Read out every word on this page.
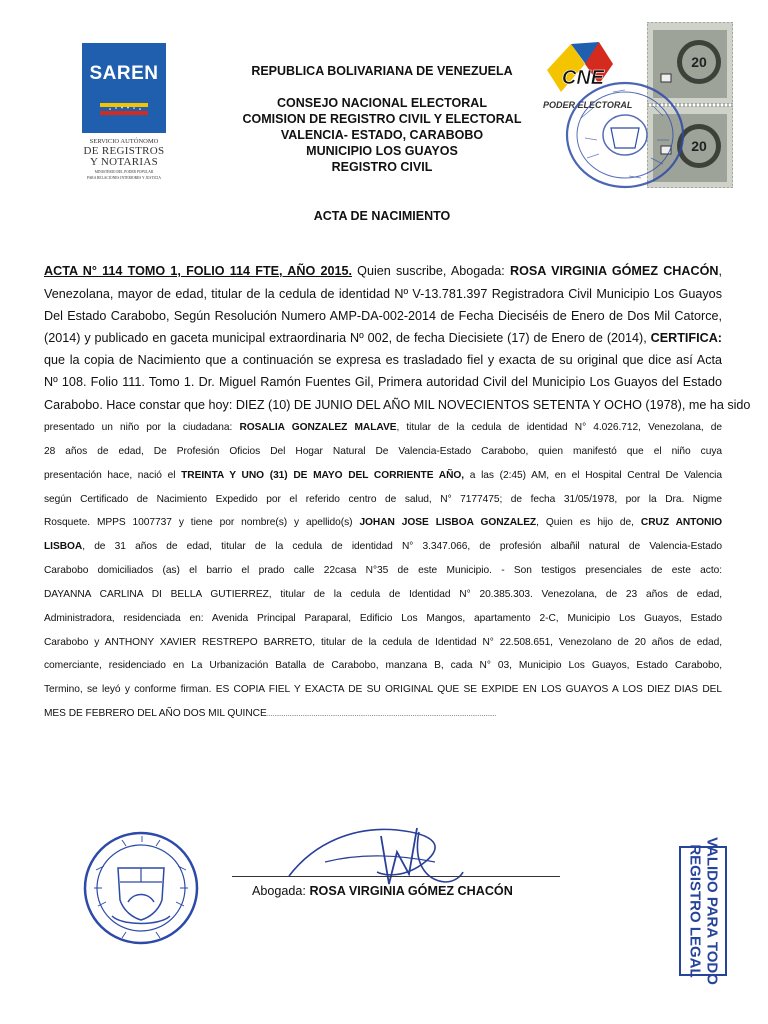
SAREN
SERVICIO AUTÓNOMO
DE REGISTROS
Y NOTARIAS
MINISTERIO DEL PODER POPULAR
PARA RELACIONES INTERIORES Y JUSTICIA
REPUBLICA BOLIVARIANA DE VENEZUELA
CONSEJO NACIONAL ELECTORAL
COMISION DE REGISTRO CIVIL Y ELECTORAL
VALENCIA- ESTADO, CARABOBO
MUNICIPIO LOS GUAYOS
REGISTRO CIVIL
ACTA DE NACIMIENTO
20
20
CNE
PODER ELECTORAL
ACTA N° 114 TOMO 1, FOLIO 114 FTE, AÑO 2015. Quien suscribe, Abogada: ROSA VIRGINIA GÓMEZ CHACÓN,
Venezolana, mayor de edad, titular de la cedula de identidad Nº V-13.781.397 Registradora Civil Municipio Los Guayos
Del Estado Carabobo, Según Resolución Numero AMP-DA-002-2014 de Fecha Dieciséis de Enero de Dos Mil Catorce,
(2014) y publicado en gaceta municipal extraordinaria Nº 002, de fecha Diecisiete (17) de Enero de (2014), CERTIFICA:
que la copia de Nacimiento que a continuación se expresa es trasladado fiel y exacta de su original que dice así Acta
Nº 108. Folio 111. Tomo 1. Dr. Miguel Ramón Fuentes Gil, Primera autoridad Civil del Municipio Los Guayos del Estado
Carabobo. Hace constar que hoy: DIEZ (10) DE JUNIO DEL AÑO MIL NOVECIENTOS SETENTA Y OCHO (1978), me ha sido
presentado un niño por la ciudadana: ROSALIA GONZALEZ MALAVE, titular de la cedula de identidad N° 4.026.712, Venezolana, de
28 años de edad, De Profesión Oficios Del Hogar Natural De Valencia-Estado Carabobo, quien manifestó que el niño cuya
presentación hace, nació el TREINTA Y UNO (31) DE MAYO DEL CORRIENTE AÑO, a las (2:45) AM, en el Hospital Central De Valencia
según Certificado de Nacimiento Expedido por el referido centro de salud, N° 7177475; de fecha 31/05/1978, por la Dra. Nigme
Rosquete. MPPS 1007737 y tiene por nombre(s) y apellido(s) JOHAN JOSE LISBOA GONZALEZ, Quien es hijo de, CRUZ ANTONIO
LISBOA, de 31 años de edad, titular de la cedula de identidad N° 3.347.066, de profesión albañil natural de Valencia-Estado
Carabobo domiciliados (as) el barrio el prado calle 22casa N°35 de este Municipio. - Son testigos presenciales de este acto:
DAYANNA CARLINA DI BELLA GUTIERREZ, titular de la cedula de Identidad N° 20.385.303. Venezolana, de 23 años de edad,
Administradora, residenciada en: Avenida Principal Paraparal, Edificio Los Mangos, apartamento 2-C, Municipio Los Guayos, Estado
Carabobo y ANTHONY XAVIER RESTREPO BARRETO, titular de la cedula de Identidad N° 22.508.651, Venezolano de 20 años de edad,
comerciante, residenciado en La Urbanización Batalla de Carabobo, manzana B, cada N° 03, Municipio Los Guayos, Estado Carabobo,
Termino, se leyó y conforme firman. ES COPIA FIEL Y EXACTA DE SU ORIGINAL QUE SE EXPIDE EN LOS GUAYOS A LOS DIEZ DIAS DEL
MES DE FEBRERO DEL AÑO DOS MIL QUINCE……………………………………………………………………………………………………………
Abogada: ROSA VIRGINIA GÓMEZ CHACÓN	VALIDO PARA TODO
REGISTRO LEGAL
